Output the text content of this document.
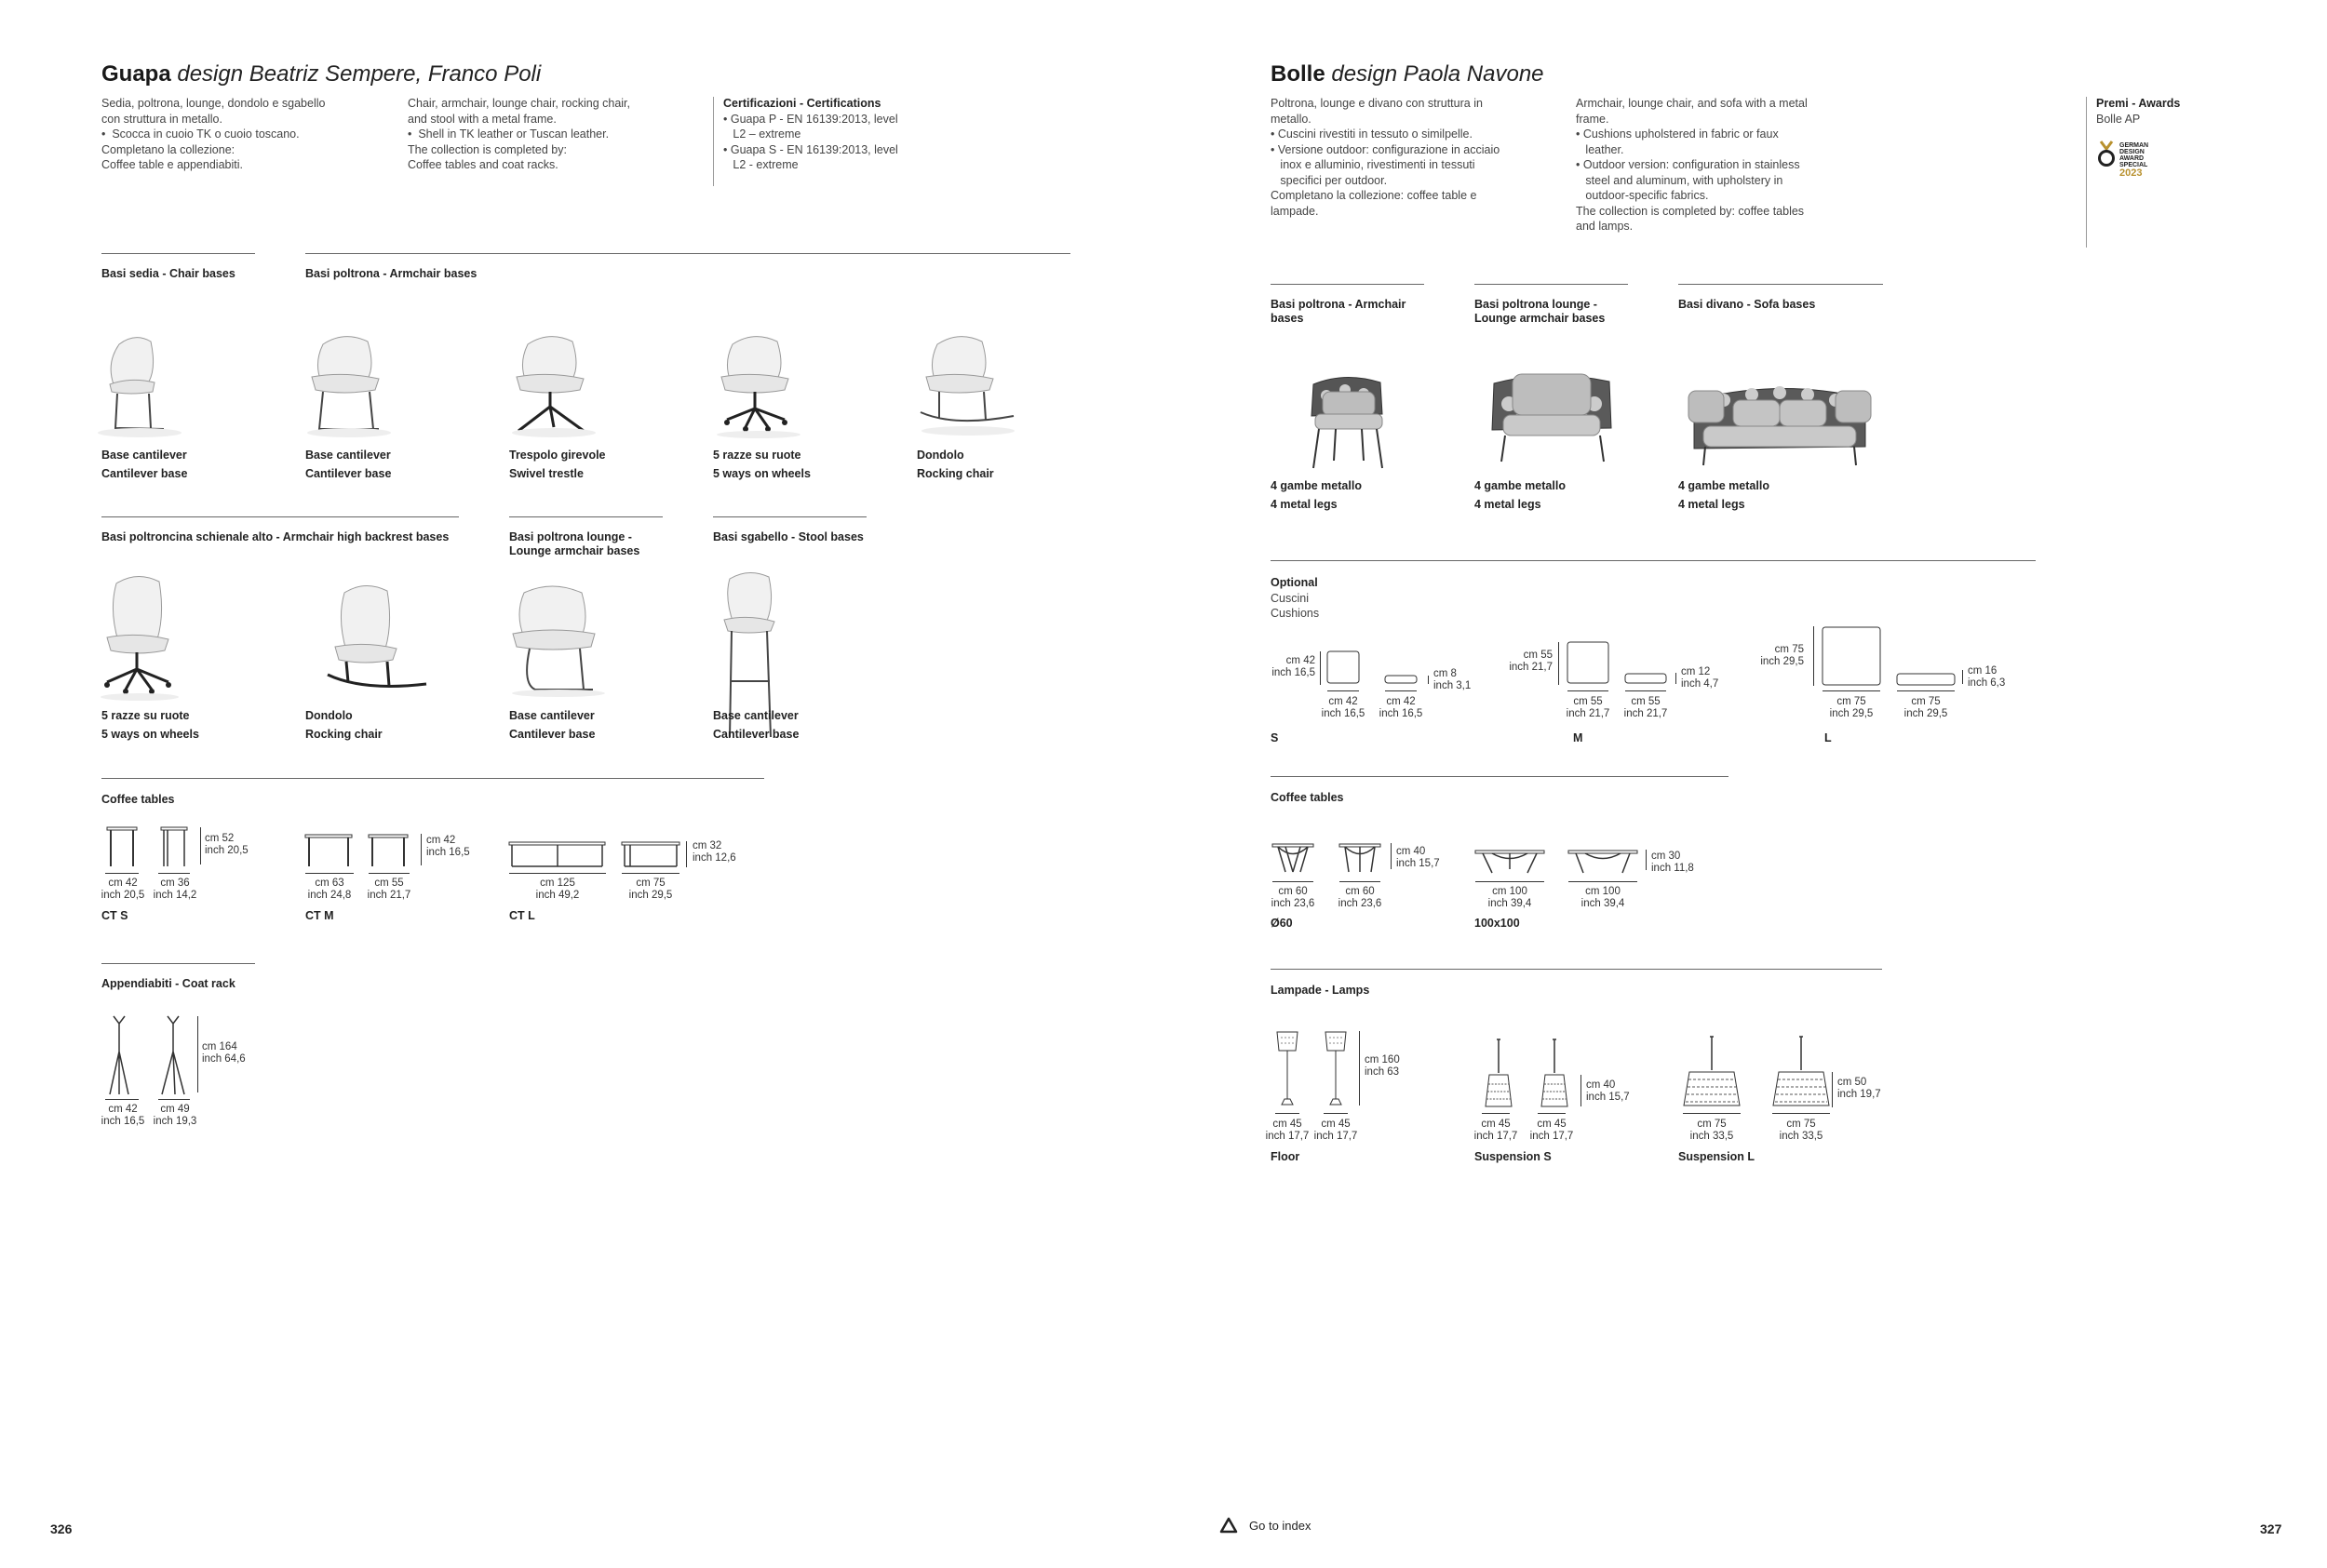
Guapa design Beatriz Sempere, Franco Poli
Sedia, poltrona, lounge, dondolo e sgabello
con struttura in metallo.
•  Scocca in cuoio TK o cuoio toscano.
Completano la collezione:
Coffee table e appendiabiti.
Chair, armchair, lounge chair, rocking chair,
and stool with a metal frame.
•  Shell in TK leather or Tuscan leather.
The collection is completed by:
Coffee tables and coat racks.
Certificazioni - Certifications
• Guapa P - EN 16139:2013, level
L2 – extreme
• Guapa S - EN 16139:2013, level
L2 - extreme
Basi sedia - Chair bases	Basi poltrona - Armchair bases
Base cantilever
Cantilever base
Base cantilever
Cantilever base
Trespolo girevole
Swivel trestle
5 razze su ruote
5 ways on wheels
Dondolo
Rocking chair
Basi poltroncina schienale alto - Armchair high backrest bases	Basi poltrona lounge -
Lounge armchair bases
Basi sgabello - Stool bases
5 razze su ruote
5 ways on wheels
Dondolo
Rocking chair
Base cantilever
Cantilever base
Base cantilever
Cantilever base
Coffee tables
cm 52
inch 20,5
cm 42
inch 20,5
cm 36
inch 14,2
CT S
cm 42
inch 16,5
cm 63
inch 24,8
cm 55
inch 21,7
CT M
cm 32
inch 12,6
cm 125
inch 49,2
cm 75
inch 29,5
CT L
Appendiabiti - Coat rack
cm 164
inch 64,6
cm 42
inch 16,5
cm 49
inch 19,3
Bolle design Paola Navone
Poltrona, lounge e divano con struttura in
metallo.
• Cuscini rivestiti in tessuto o similpelle.
• Versione outdoor: configurazione in acciaio
inox e alluminio, rivestimenti in tessuti
specifici per outdoor.
Completano la collezione: coffee table e
lampade.
Armchair, lounge chair, and sofa with a metal
frame.
• Cushions upholstered in fabric or faux
leather.
• Outdoor version: configuration in stainless
steel and aluminum, with upholstery in
outdoor-specific fabrics.
The collection is completed by: coffee tables
and lamps.
Premi - Awards
Bolle AP
GERMAN
DESIGN
AWARD
SPECIAL
2023
Basi poltrona - Armchair
bases
Basi poltrona lounge -
Lounge armchair bases
Basi divano - Sofa bases
4 gambe metallo
4 metal legs
4 gambe metallo
4 metal legs
4 gambe metallo
4 metal legs
Optional
Cuscini
Cushions
cm 42
inch 16,5	cm 8
inch 3,1
cm 42
inch 16,5
cm 42
inch 16,5
S
cm 55
inch 21,7	cm 12
inch 4,7
cm 55
inch 21,7
cm 55
inch 21,7
M
cm 75
inch 29,5
cm 16
inch 6,3
cm 75
inch 29,5
cm 75
inch 29,5
L
Coffee tables
cm 40
inch 15,7
cm 60
inch 23,6
cm 60
inch 23,6
Ø60
cm 30
inch 11,8
cm 100
inch 39,4
cm 100
inch 39,4
100x100
Lampade - Lamps
cm 160
inch 63
cm 45
inch 17,7
cm 45
inch 17,7
Floor
cm 40
inch 15,7
cm 45
inch 17,7
cm 45
inch 17,7
Suspension S
cm 50
inch 19,7
cm 75
inch 33,5
cm 75
inch 33,5
Suspension L
326	Go to index	327
